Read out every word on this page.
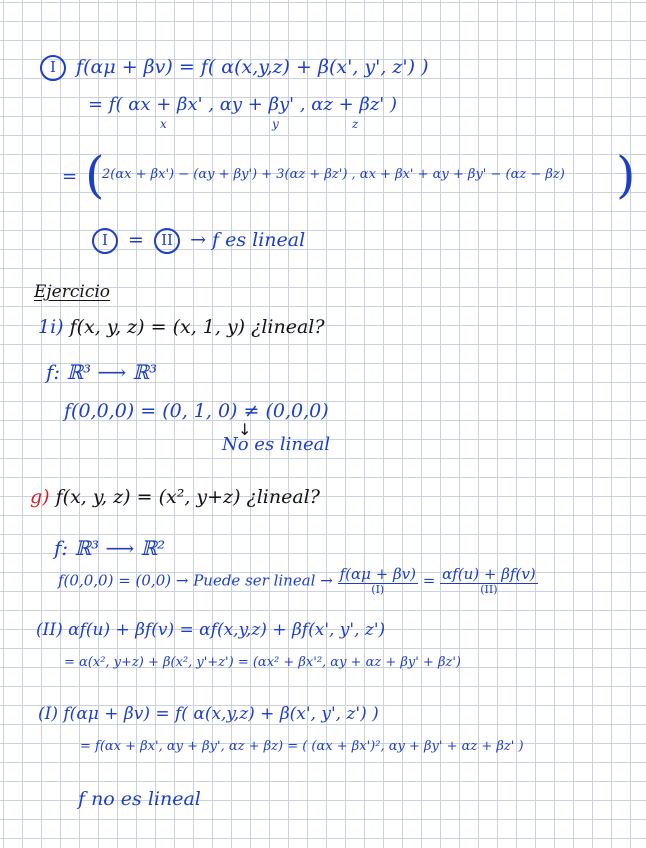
I f(αμ + βv) = f( α(x,y,z) + β(x', y', z') )
= f( αx + βx' , αy + βy' , αz + βz' )
x	y	z
(
= 2(αx + βx') − (αy + βy') + 3(αz + βz') , αx + βx' + αy + βy' − (αz − βz) )
I = II → f es lineal
Ejercicio
1i) f(x, y, z) = (x, 1, y) ¿lineal?
f: ℝ³ ⟶ ℝ³
f(0,0,0) = (0, 1, 0) ≠ (0,0,0)
↓
No es lineal
g) f(x, y, z) = (x², y+z) ¿lineal?
f: ℝ³ ⟶ ℝ²
f(0,0,0) = (0,0) → Puede ser lineal → $\frac{f(\alpha\mu + \beta v)}{(I)} = \frac{\alpha f(u) + \beta f(v)}{(II)}$
(II) αf(u) + βf(v) = αf(x,y,z) + βf(x', y', z')
= α(x², y+z) + β(x², y'+z') = (αx² + βx'², αy + αz + βy' + βz')
(I) f(αμ + βv) = f( α(x,y,z) + β(x', y', z') )
= f(αx + βx', αy + βy', αz + βz) = ( (αx + βx')², αy + βy' + αz + βz' )
f no es lineal
